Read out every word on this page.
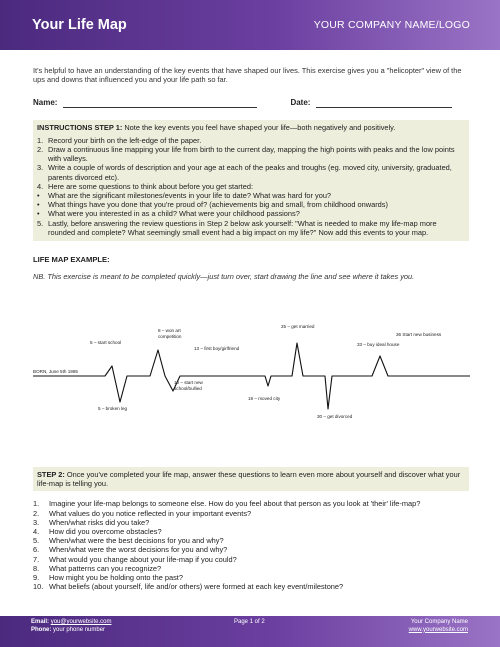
Your Life Map	YOUR COMPANY NAME/LOGO

It's helpful to have an understanding of the key events that have shaped our lives. This exercise gives you a "helicopter" view of the ups and downs that influenced you and your life path so far.

Name:	Date:
INSTRUCTIONS STEP 1: Note the key events you feel have shaped your life—both negatively and positively.
1. Record your birth on the left-edge of the paper.
2. Draw a continuous line mapping your life from birth to the current day, mapping the high points with peaks and the low points with valleys.
3. Write a couple of words of description and your age at each of the peaks and troughs (eg. moved city, university, graduated, parents divorced etc).
4. Here are some questions to think about before you get started:
•	What are the significant milestones/events in your life to date? What was hard for you?
•	What things have you done that you're proud of? (achievements big and small, from childhood onwards)
•	What were you interested in as a child? What were your childhood passions?
5. Lastly, before answering the review questions in Step 2 below ask yourself: "What is needed to make my life-map more rounded and complete? What seemingly small event had a big impact on my life?" Now add this events to your map.
LIFE MAP EXAMPLE:
NB. This exercise is meant to be completed quickly—just turn over, start drawing the line and see where it takes you.
BORN, June 5th 1985
5 – start school
5 – broken leg
8 – won art
competition
10 – start new
school/bullied
13 – first boy/girlfriend
19 – moved city
25 – get married
30 – get divorced
33 – buy ideal house
36 Start new business
STEP 2: Once you've completed your life map, answer these questions to learn even more about yourself and discover what your life-map is telling you.
1.	Imagine your life-map belongs to someone else. How do you feel about that person as you look at 'their' life-map?
2.	What values do you notice reflected in your important events?
3.	When/what risks did you take?
4.	How did you overcome obstacles?
5.	When/what were the best decisions for you and why?
6.	When/what were the worst decisions for you and why?
7.	What would you change about your life-map if you could?
8.	What patterns can you recognize?
9.	How might you be holding onto the past?
10. What beliefs (about yourself, life and/or others) were formed at each key event/milestone?
Email: you@yourwebsite.com
Phone: your phone number
Page 1 of 2	Your Company Name
www.yourwebsite.com
